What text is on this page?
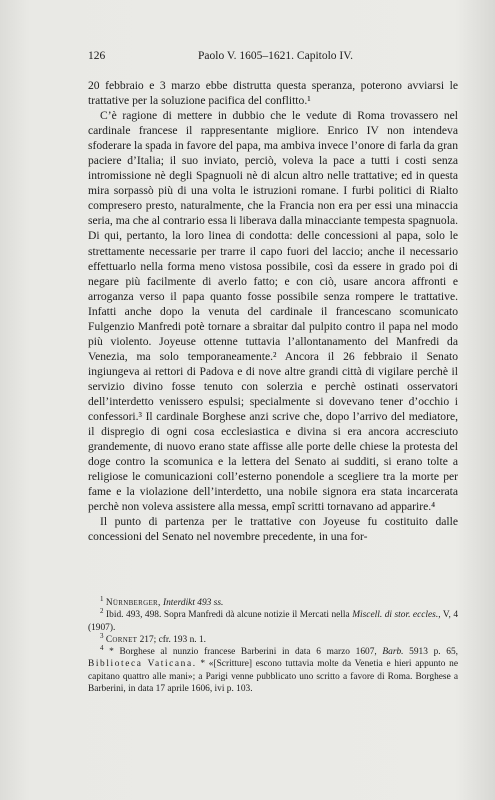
126	Paolo V. 1605–1621. Capitolo IV.

20 febbraio e 3 marzo ebbe distrutta questa speranza, poterono avviarsi le trattative per la soluzione pacifica del conflitto.¹

C’è ragione di mettere in dubbio che le vedute di Roma trovassero nel cardinale francese il rappresentante migliore. Enrico IV non intendeva sfoderare la spada in favore del papa, ma ambiva invece l’onore di farla da gran paciere d’Italia; il suo inviato, perciò, voleva la pace a tutti i costi senza intromissione nè degli Spagnuoli nè di alcun altro nelle trattative; ed in questa mira sorpassò più di una volta le istruzioni romane. I furbi politici di Rialto compresero presto, naturalmente, che la Francia non era per essi una minaccia seria, ma che al contrario essa li liberava dalla minacciante tempesta spagnuola. Di qui, pertanto, la loro linea di condotta: delle concessioni al papa, solo le strettamente necessarie per trarre il capo fuori del laccio; anche il necessario effettuarlo nella forma meno vistosa possibile, così da essere in grado poi di negare più facilmente di averlo fatto; e con ciò, usare ancora affronti e arroganza verso il papa quanto fosse possibile senza rompere le trattative. Infatti anche dopo la venuta del cardinale il francescano scomunicato Fulgenzio Manfredi potè tornare a sbraitar dal pulpito contro il papa nel modo più violento. Joyeuse ottenne tuttavia l’allontanamento del Manfredi da Venezia, ma solo temporaneamente.² Ancora il 26 febbraio il Senato ingiungeva ai rettori di Padova e di nove altre grandi città di vigilare perchè il servizio divino fosse tenuto con solerzia e perchè ostinati osservatori dell’interdetto venissero espulsi; specialmente si dovevano tener d’occhio i confessori.³ Il cardinale Borghese anzi scrive che, dopo l’arrivo del mediatore, il dispregio di ogni cosa ecclesiastica e divina si era ancora accresciuto grandemente, di nuovo erano state affisse alle porte delle chiese la protesta del doge contro la scomunica e la lettera del Senato ai sudditi, si erano tolte a religiose le comunicazioni coll’esterno ponendole a scegliere tra la morte per fame e la violazione dell’interdetto, una nobile signora era stata incarcerata perchè non voleva assistere alla messa, empî scritti tornavano ad apparire.⁴

Il punto di partenza per le trattative con Joyeuse fu costituito dalle concessioni del Senato nel novembre precedente, in una for-

$^1$ Nürnberger, Interdikt 493 ss.

$^2$ Ibid. 493, 498. Sopra Manfredi dà alcune notizie il Mercati nella Miscell. di stor. eccles., V, 4 (1907).

$^3$ Cornet 217; cfr. 193 n. 1.

$^4$ * Borghese al nunzio francese Barberini in data 6 marzo 1607, Barb. 5913 p. 65, Biblioteca Vaticana. * «[Scritture] escono tuttavia molte da Venetia e hieri appunto ne capitano quattro alle mani»; a Parigi venne pubblicato uno scritto a favore di Roma. Borghese a Barberini, in data 17 aprile 1606, ivi p. 103.
